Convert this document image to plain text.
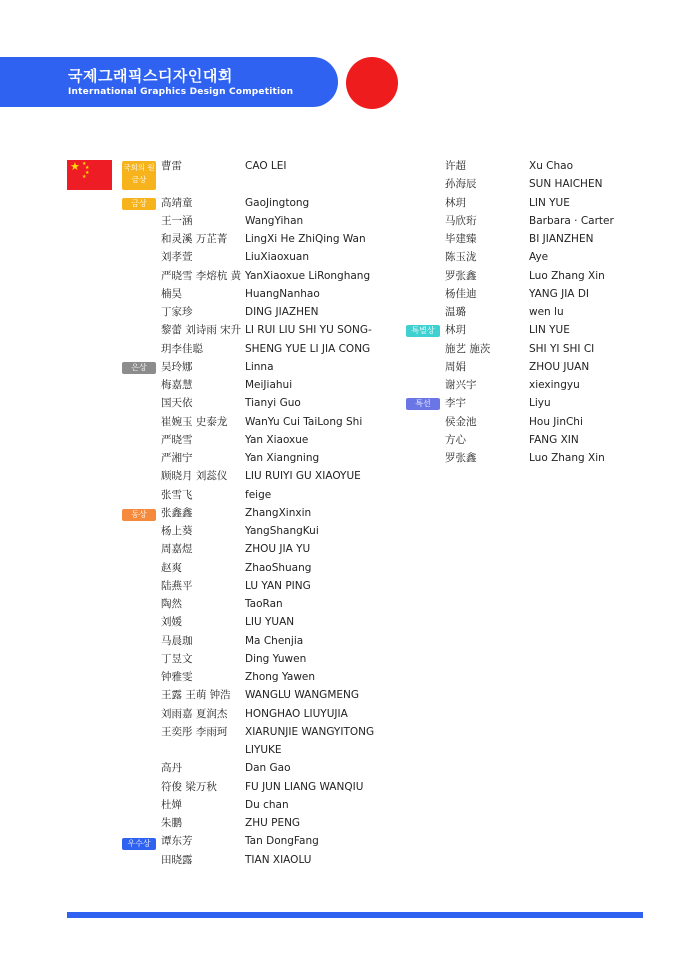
국제그래픽스디자인대회
International Graphics Design Competition
★ ★
★
★
★
국회의 원 금상
금상
은상
동상
우수상
특별상
특선
曹雷	CAO LEI
高靖童	GaoJingtong
王一涵	WangYihan
和灵溪 万芷菁 LingXi He ZhiQing Wan
刘孝萱	LiuXiaoxuan
严晓雪 李熔杭 黄 YanXiaoxue LiRonghang
楠昊	HuangNanhao
丁家珍	DING JIAZHEN
黎蕾 刘诗雨 宋升 LI RUI LIU SHI YU SONG-
玥李佳聪	SHENG YUE LI JIA CONG
吴玲娜	Linna
梅嘉慧	MeiJiahui
国天依	Tianyi Guo
崔婉玉 史泰龙 WanYu Cui TaiLong Shi
严晓雪	Yan Xiaoxue
严湘宁	Yan Xiangning
顾晓月 刘蕊仪 LIU RUIYI GU XIAOYUE
张雪飞	feige
张鑫鑫	ZhangXinxin
杨上葵	YangShangKui
周嘉煜	ZHOU JIA YU
赵爽	ZhaoShuang
陆燕平	LU YAN PING
陶然	TaoRan
刘媛	LIU YUAN
马晨珈	Ma Chenjia
丁昱文	Ding Yuwen
钟雅雯	Zhong Yawen
王露 王萌 钟浩 WANGLU WANGMENG
刘雨嘉 夏润杰 HONGHAO LIUYUJIA
王奕彤 李雨珂 XIARUNJIE WANGYITONG
LIYUKE
高丹	Dan Gao
符俊 梁万秋	FU JUN LIANG WANQIU
杜婵	Du chan
朱鹏	ZHU PENG
谭东芳	Tan DongFang
田晓露	TIAN XIAOLU
许超	Xu Chao
孙海辰	SUN HAICHEN
林玥	LIN YUE
马欣珩	Barbara · Carter
毕建臻	BI JIANZHEN
陈玉泷	Aye
罗张鑫	Luo Zhang Xin
杨佳迪	YANG JIA DI
温璐	wen lu
林玥	LIN YUE
施艺 施茨	SHI YI SHI CI
周娟	ZHOU JUAN
谢兴宇	xiexingyu
李宇	Liyu
侯金池	Hou JinChi
方心	FANG XIN
罗张鑫	Luo Zhang Xin
